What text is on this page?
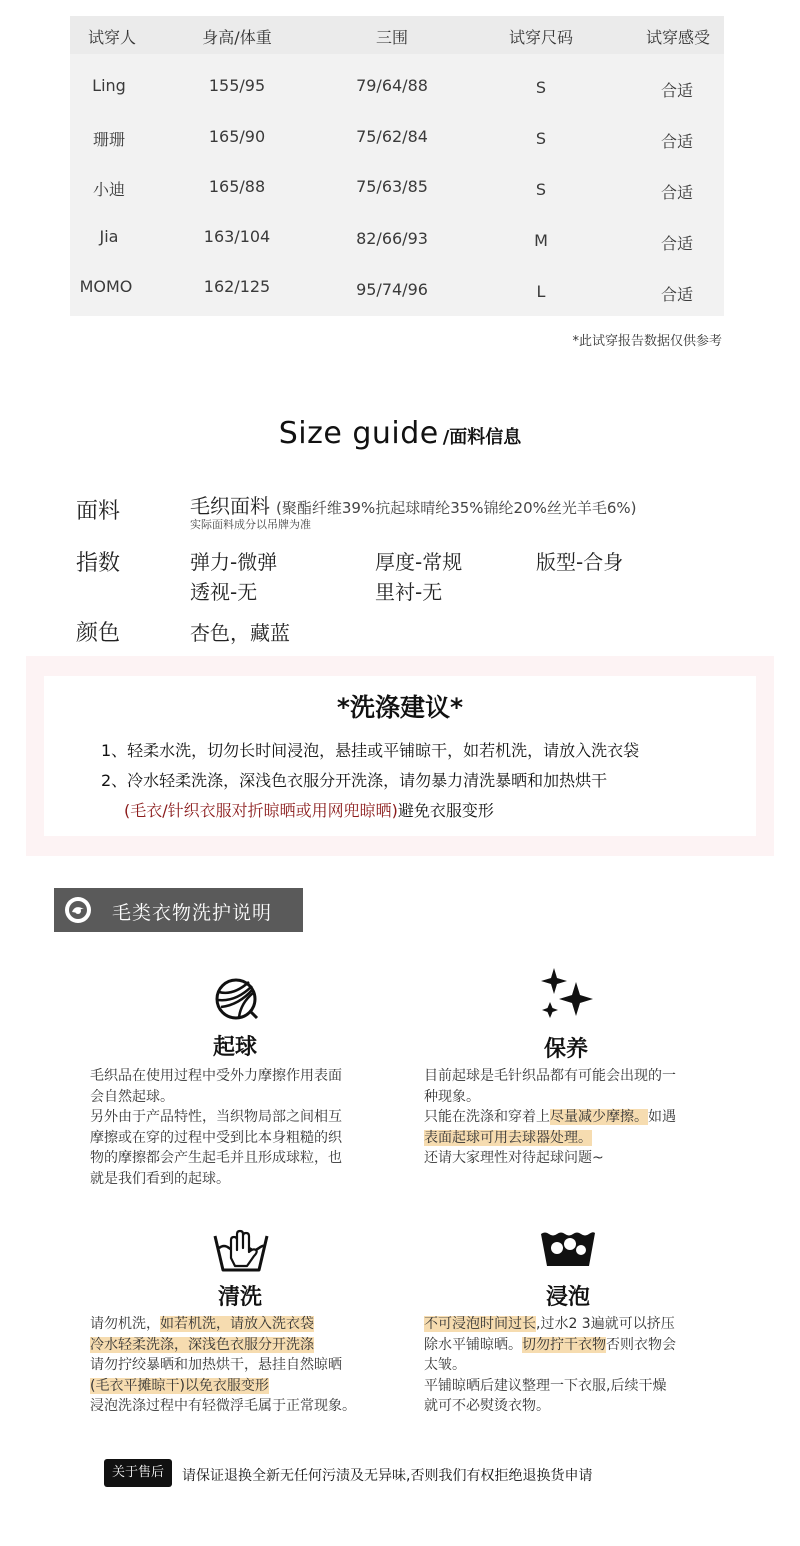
试穿人	身高/体重	三围	试穿尺码	试穿感受
Ling	155/95	79/64/88	S	合适
珊珊	165/90	75/62/84	S	合适
小迪	165/88	75/63/85	S	合适
Jia	163/104	82/66/93	M	合适
MOMO	162/125	95/74/96	L	合适
*此试穿报告数据仅供参考
Size guide /面料信息
面料	毛织面料 (聚酯纤维39%抗起球晴纶35%锦纶20%丝光羊毛6%)
实际面料成分以吊牌为准
指数	弹力-微弹	厚度-常规	版型-合身
透视-无	里衬-无
颜色	杏色，藏蓝
*洗涤建议*
1、轻柔水洗，切勿长时间浸泡，悬挂或平铺晾干，如若机洗，请放入洗衣袋
2、冷水轻柔洗涤，深浅色衣服分开洗涤，请勿暴力清洗暴晒和加热烘干
(毛衣/针织衣服对折晾晒或用网兜晾晒)避免衣服变形
毛类衣物洗护说明
起球
毛织品在使用过程中受外力摩擦作用表面
会自然起球。
另外由于产品特性，当织物局部之间相互
摩擦或在穿的过程中受到比本身粗糙的织
物的摩擦都会产生起毛并且形成球粒，也
就是我们看到的起球。
保养
目前起球是毛针织品都有可能会出现的一
种现象。
只能在洗涤和穿着上尽量减少摩擦。如遇
表面起球可用去球器处理。
还请大家理性对待起球问题~
清洗
请勿机洗，如若机洗，请放入洗衣袋
冷水轻柔洗涤，深浅色衣服分开洗涤
请勿拧绞暴晒和加热烘干，悬挂自然晾晒
(毛衣平摊晾干)以免衣服变形
浸泡洗涤过程中有轻微浮毛属于正常现象。
浸泡
不可浸泡时间过长,过水2 3遍就可以挤压
除水平铺晾晒。切勿拧干衣物否则衣物会
太皱。
平铺晾晒后建议整理一下衣服,后续干燥
就可不必熨烫衣物。
关于售后	请保证退换全新无任何污渍及无异味,否则我们有权拒绝退换货申请
